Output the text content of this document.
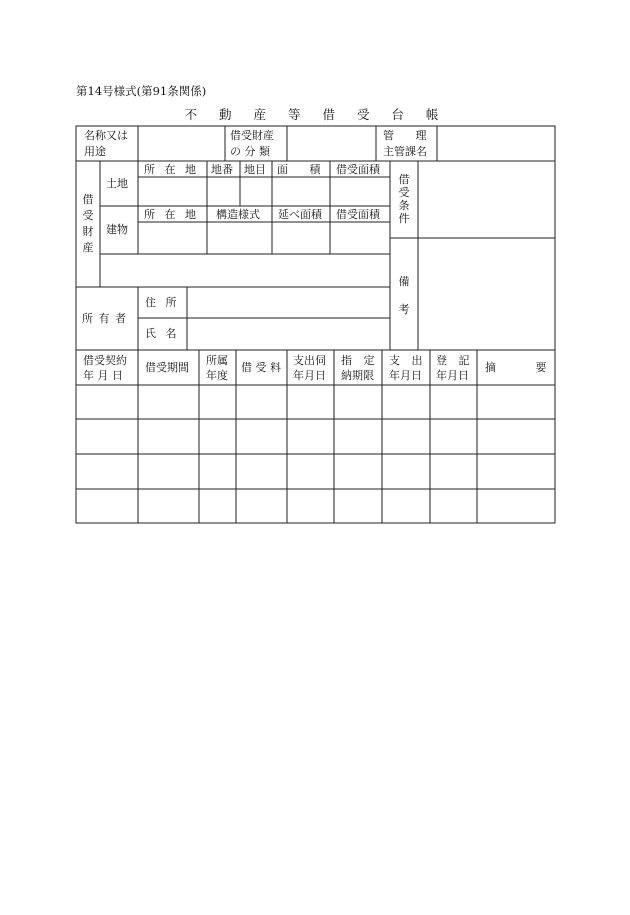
第14号様式(第91条関係)
不 動 産 等 借 受 台 帳
名称又は
用途
借受財産
の 分 類
管 理
主管課名
借受財産
土地
建物
借受条件
備 考
所 在 地	地番 地目 面 積 借受面積
所 在 地 構造様式 延べ面積 借受面積
所 有 者
住 所
氏 名
借受契約
年 月 日
借受期間
所属
年度
借 受 料
支出伺
年月日
指 定
納期限
支 出
年月日
登 記
年月日
摘 要
